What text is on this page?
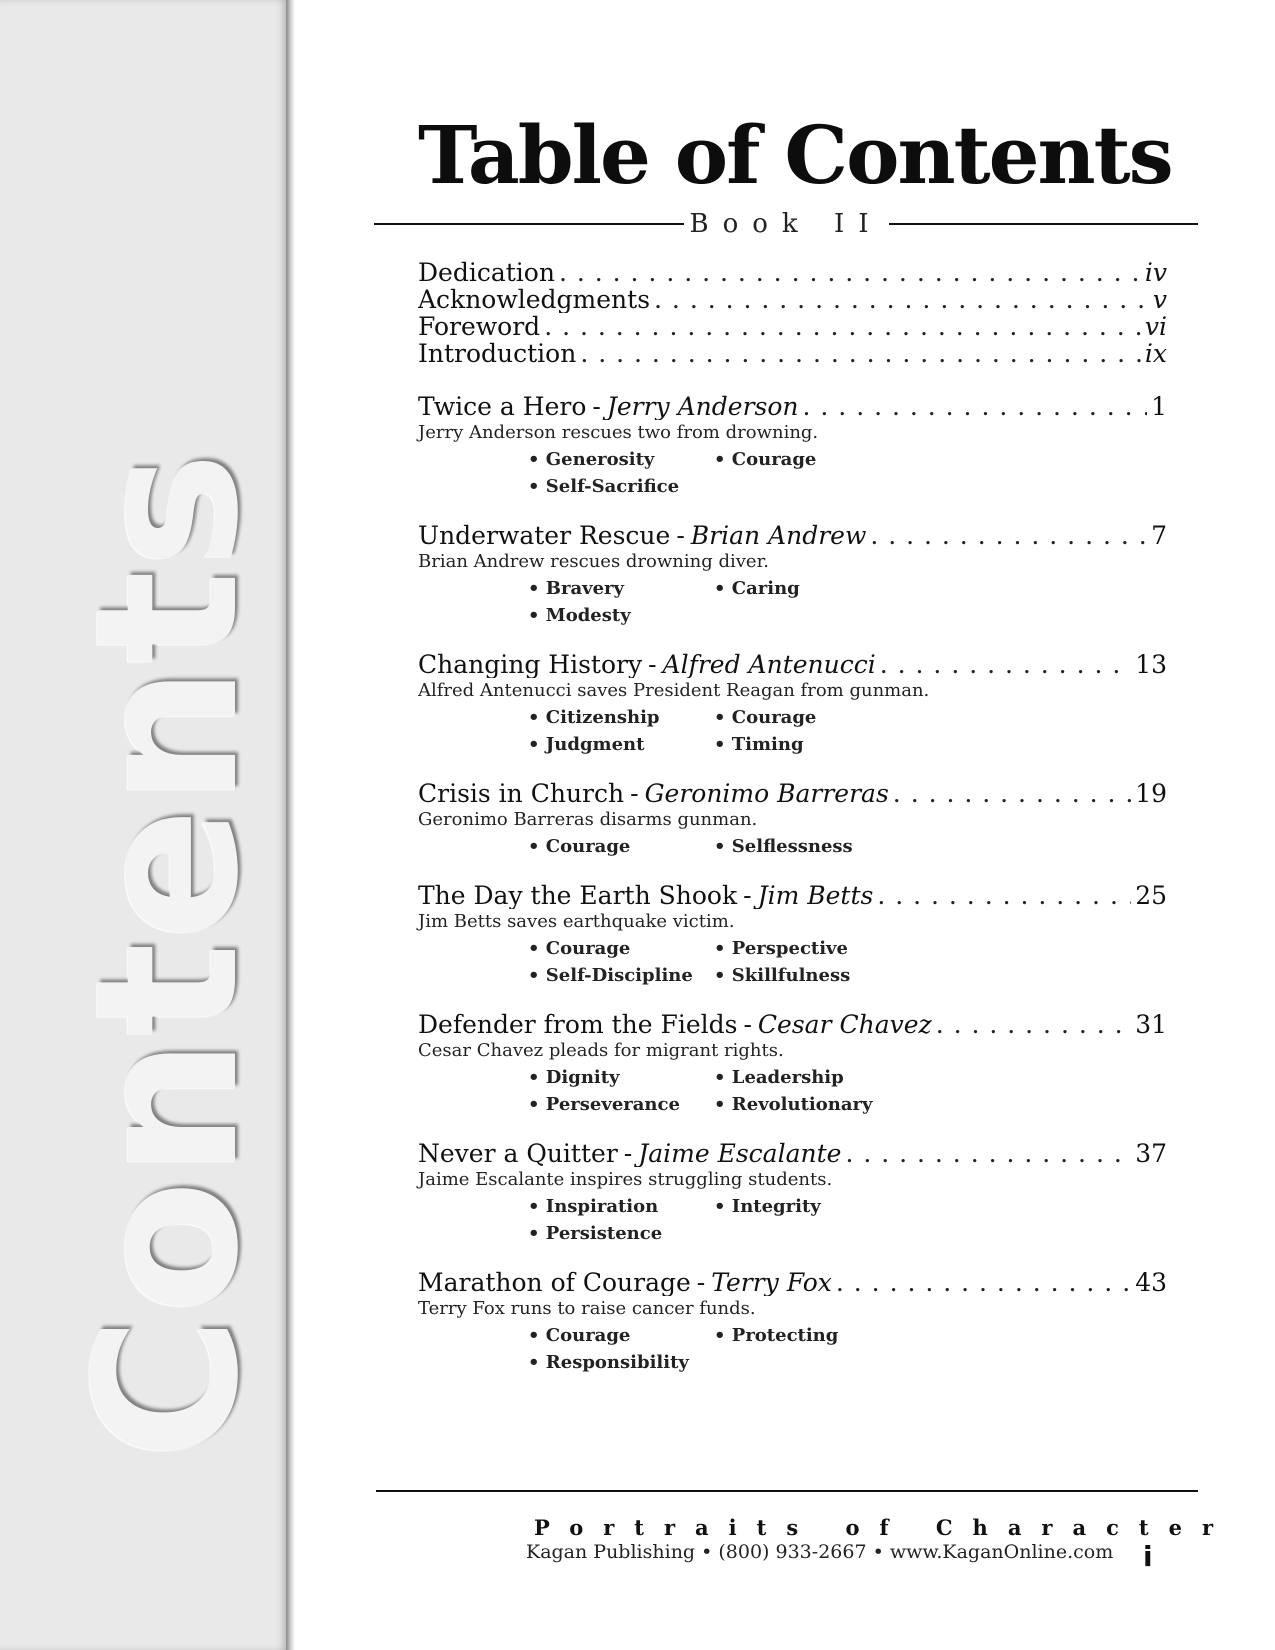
Contents
Table of Contents
Book II
Dedication . . .	iv
Acknowledgments . . .	v
Foreword . . .	vi
Introduction . . .	ix
Twice a Hero - Jerry Anderson . . .	1
Jerry Anderson rescues two from drowning.
• Generosity	• Courage
• Self-Sacrifice
Underwater Rescue - Brian Andrew . . .	7
Brian Andrew rescues drowning diver.
• Bravery	• Caring
• Modesty
Changing History - Alfred Antenucci . . .	13
Alfred Antenucci saves President Reagan from gunman.
• Citizenship	• Courage
• Judgment	• Timing
Crisis in Church - Geronimo Barreras . . .	19
Geronimo Barreras disarms gunman.
• Courage	• Selflessness
The Day the Earth Shook - Jim Betts . . .	25
Jim Betts saves earthquake victim.
• Courage	• Perspective
• Self-Discipline	• Skillfulness
Defender from the Fields - Cesar Chavez . . .	31
Cesar Chavez pleads for migrant rights.
• Dignity	• Leadership
• Perseverance	• Revolutionary
Never a Quitter - Jaime Escalante . . .	37
Jaime Escalante inspires struggling students.
• Inspiration	• Integrity
• Persistence
Marathon of Courage - Terry Fox . . .	43
Terry Fox runs to raise cancer funds.
• Courage	• Protecting
• Responsibility
Portraits of Character
Kagan Publishing • (800) 933-2667 • www.KaganOnline.com i
